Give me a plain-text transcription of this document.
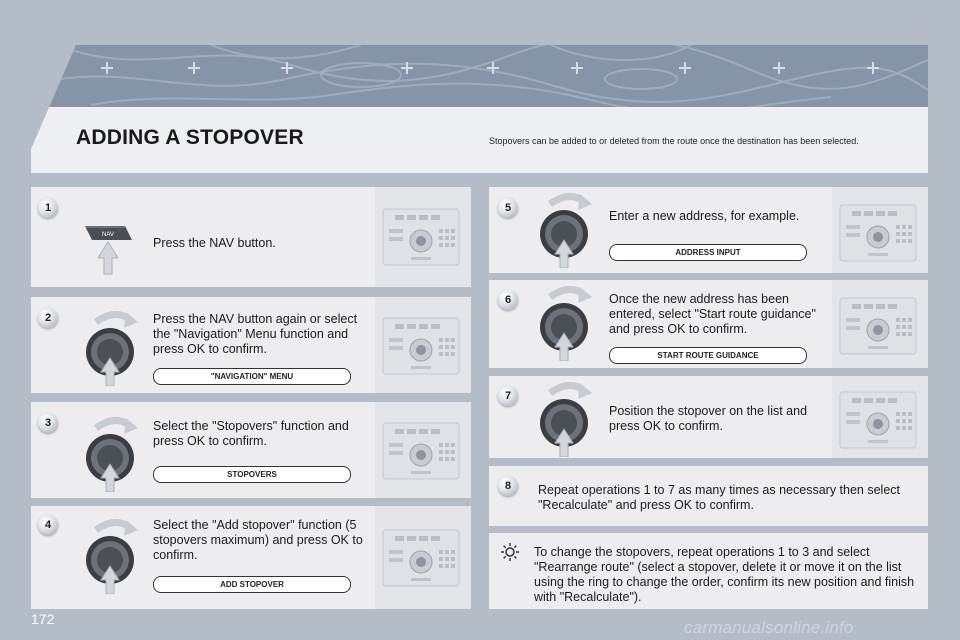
ADDING A STOPOVER	Stopovers can be added to or deleted from the route once the destination has been selected.
1
NAV
Press the NAV button.
2	Press the NAV button again or select the "Navigation" Menu function and press OK to confirm.
"NAVIGATION" MENU
3	Select the "Stopovers" function and press OK to confirm.
STOPOVERS
4	Select the "Add stopover" function (5 stopovers maximum) and press OK to confirm.
ADD STOPOVER
5
Enter a new address, for example.
ADDRESS INPUT
6	Once the new address has been entered, select "Start route guidance" and press OK to confirm.
START ROUTE GUIDANCE
7
Position the stopover on the list and press OK to confirm.
8	Repeat operations 1 to 7 as many times as necessary then select "Recalculate" and press OK to confirm.
To change the stopovers, repeat operations 1 to 3 and select "Rearrange route" (select a stopover, delete it or move it on the list using the ring to change the order, confirm its new position and finish with "Recalculate").
172	carmanualsonline.info
